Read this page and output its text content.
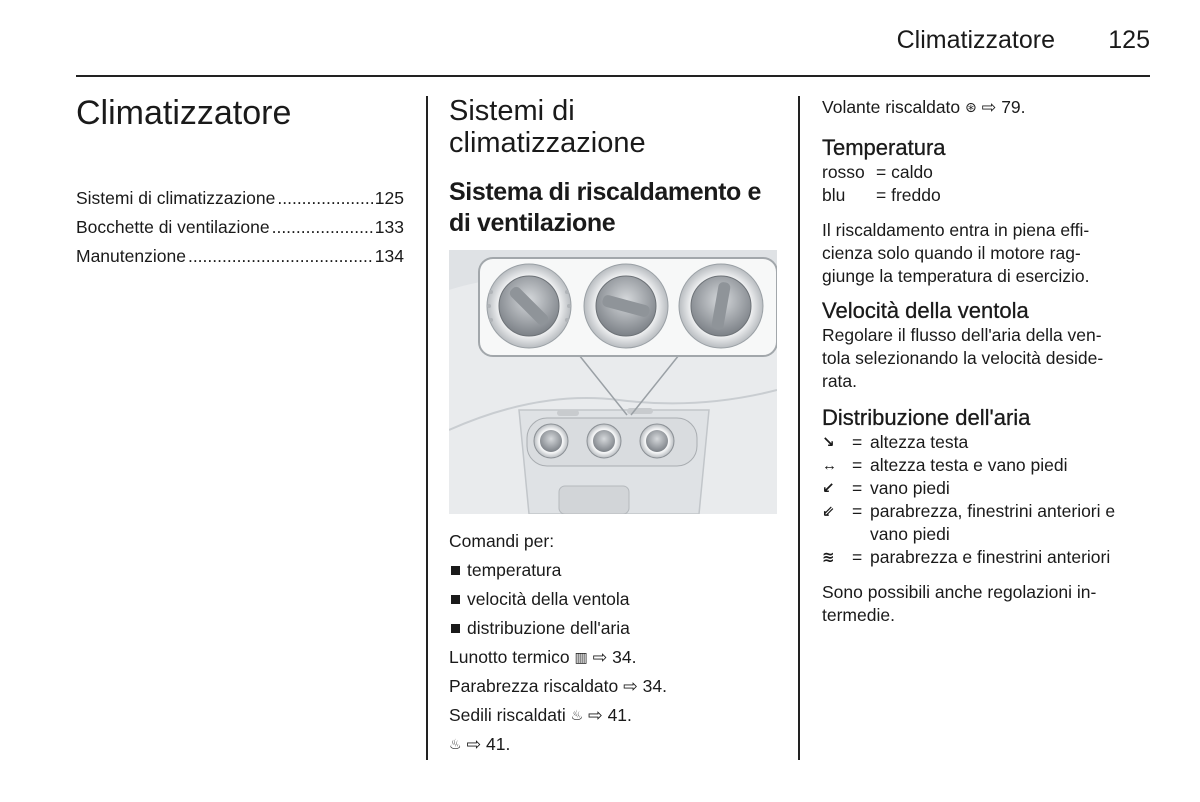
Climatizzatore 125
Climatizzatore
Sistemi di climatizzazione .....	125
Bocchette di ventilazione .....	133
Manutenzione .....	134
Sistemi di
climatizzazione
Sistema di riscaldamento e
di ventilazione

Comandi per:

temperatura
velocità della ventola
distribuzione dell'aria

Lunotto termico ▥ ⇨ 34.

Parabrezza riscaldato ⇨ 34.

Sedili riscaldati ♨ ⇨ 41.

♨ ⇨ 41.

Volante riscaldato ⊛ ⇨ 79.

Temperatura
rosso = caldo
blu	= freddo

Il riscaldamento entra in piena effi-

cienza solo quando il motore rag-

giunge la temperatura di esercizio.

Velocità della ventola

Regolare il flusso dell'aria della ven-

tola selezionando la velocità deside-

rata.

Distribuzione dell'aria
↘ = altezza testa
↔ = altezza testa e vano piedi
↙ = vano piedi
⇙ = parabrezza, finestrini anteriori e
vano piedi
≋ = parabrezza e finestrini anteriori

Sono possibili anche regolazioni in-

termedie.
